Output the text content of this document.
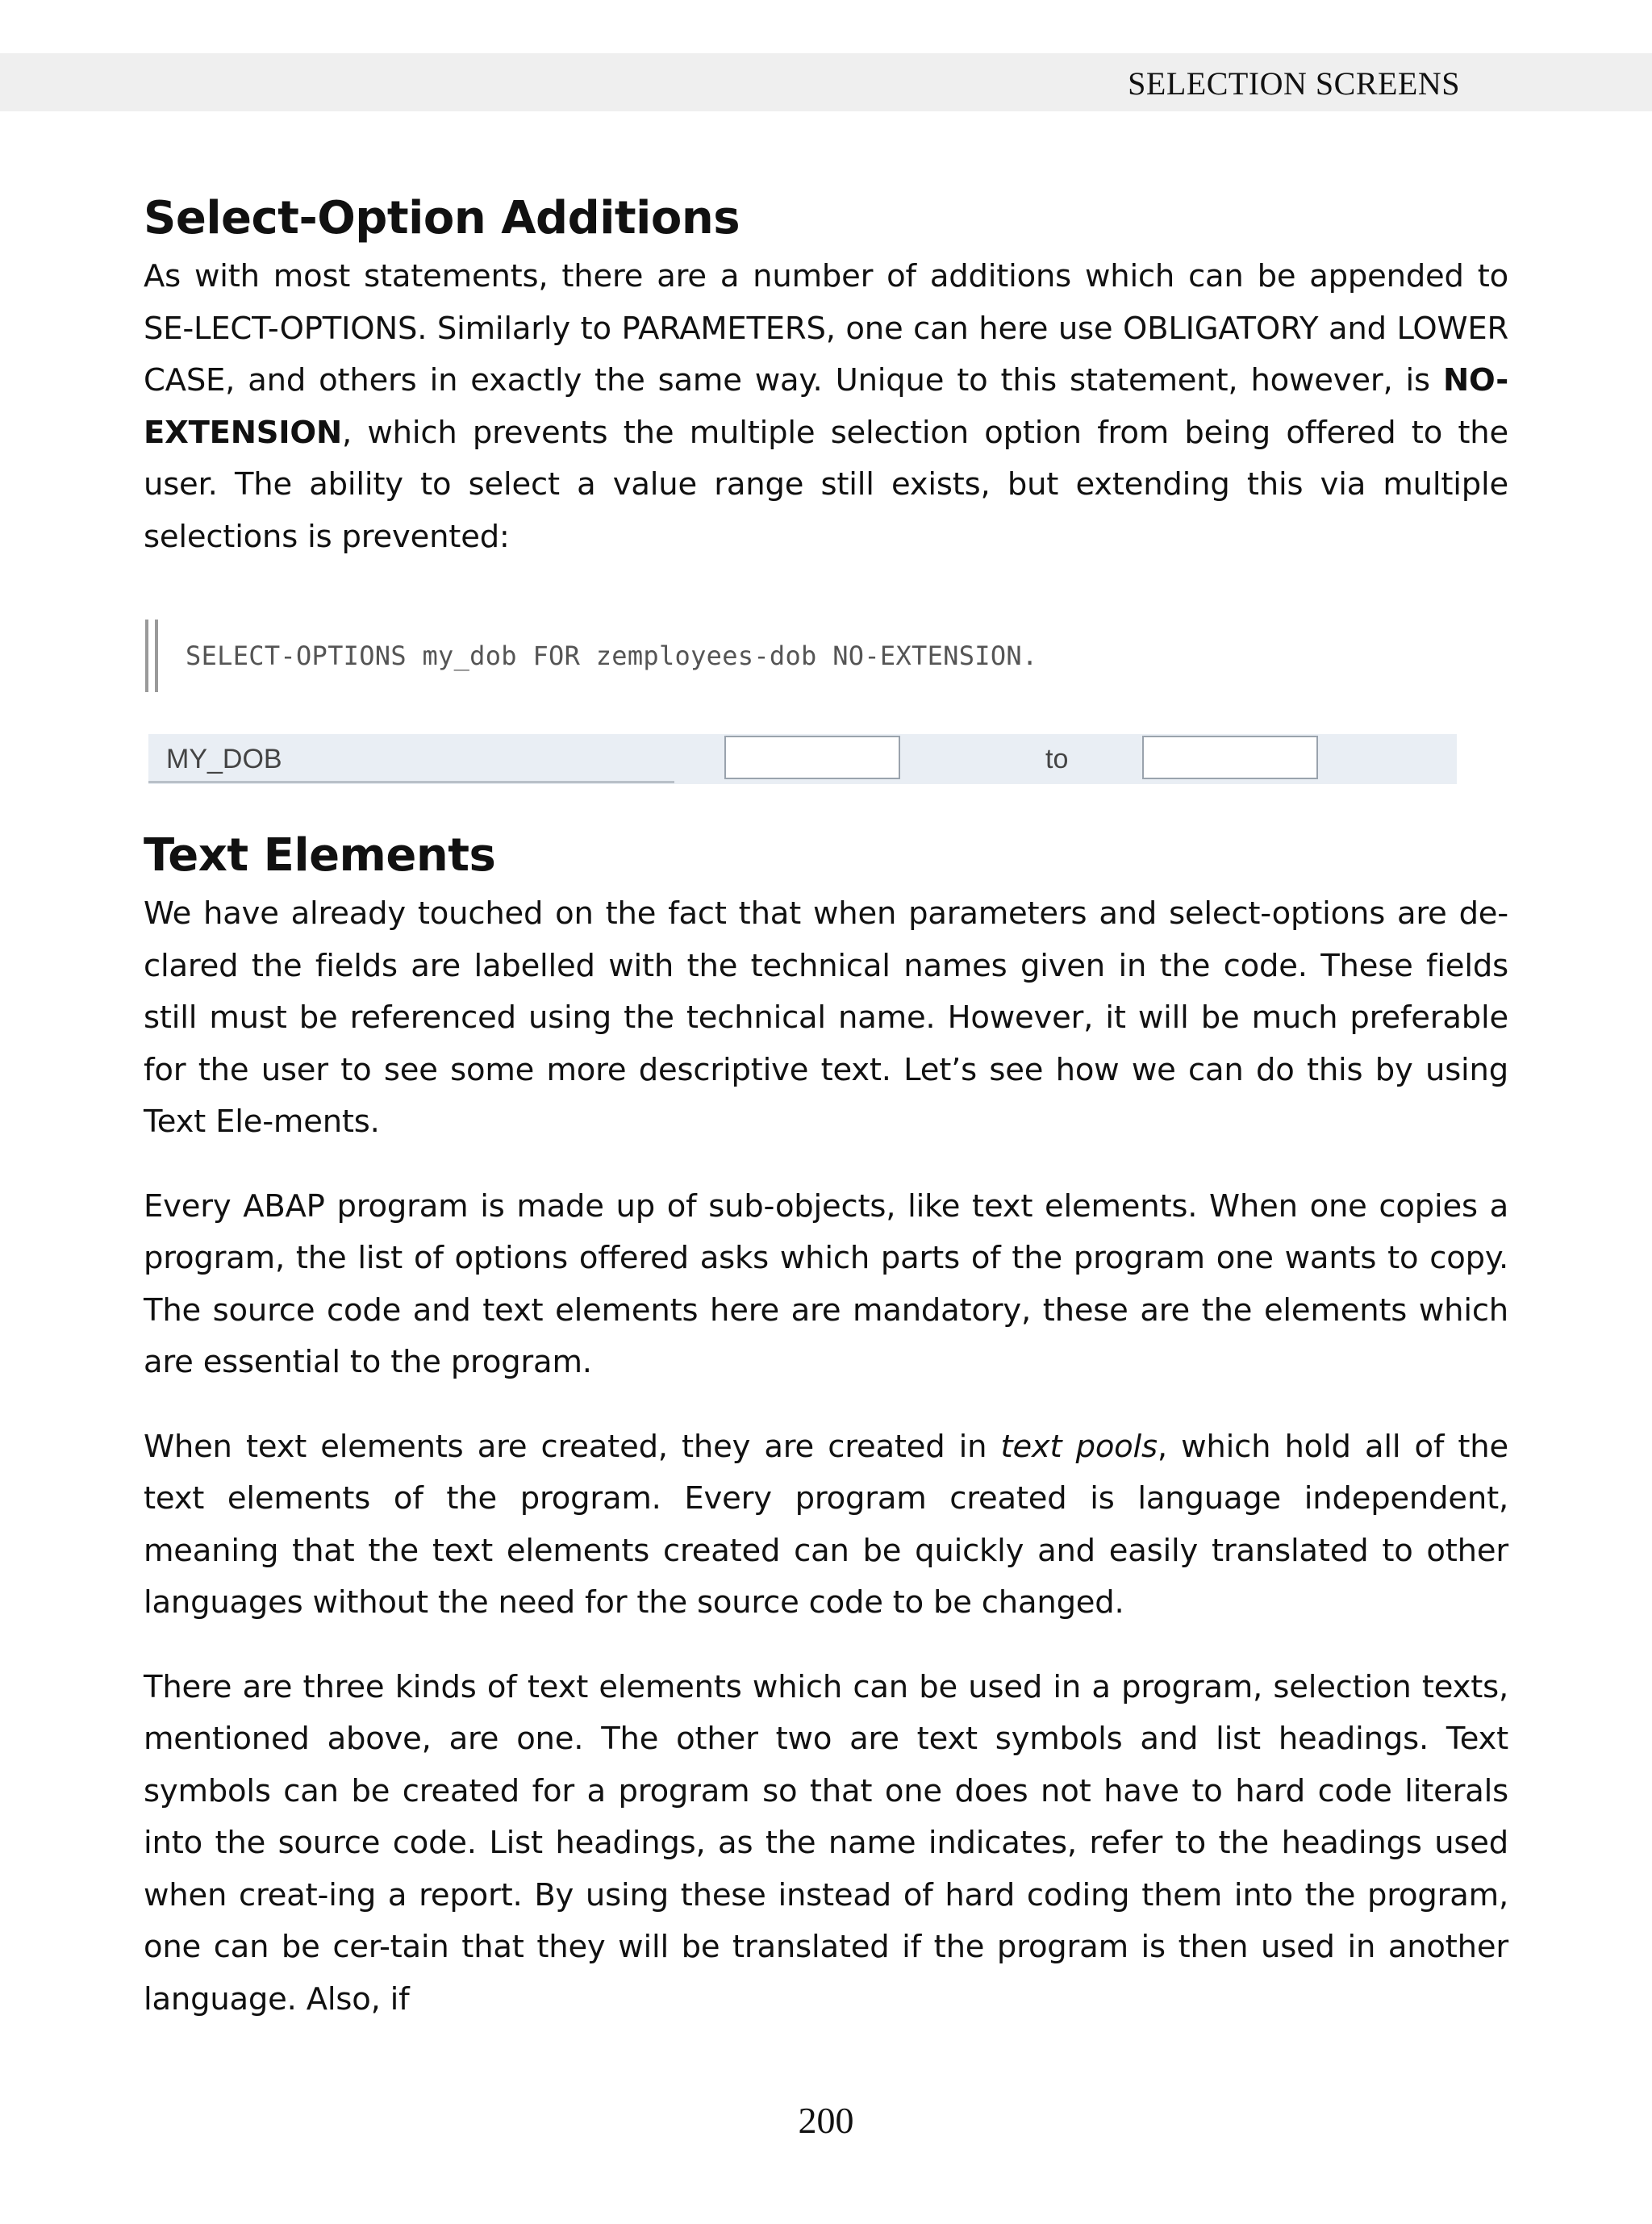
SELECTION SCREENS
Select-Option Additions

As with most statements, there are a number of additions which can be appended to SE-LECT-OPTIONS. Similarly to PARAMETERS, one can here use OBLIGATORY and LOWER CASE, and others in exactly the same way. Unique to this statement, however, is NO-EXTENSION, which prevents the multiple selection option from being offered to the user. The ability to select a value range still exists, but extending this via multiple selections is prevented:

SELECT-OPTIONS my_dob FOR zemployees-dob NO-EXTENSION.
MY_DOB	to
Text Elements

We have already touched on the fact that when parameters and select-options are de-clared the fields are labelled with the technical names given in the code. These fields still must be referenced using the technical name. However, it will be much preferable for the user to see some more descriptive text. Let’s see how we can do this by using Text Ele-ments.

Every ABAP program is made up of sub-objects, like text elements. When one copies a program, the list of options offered asks which parts of the program one wants to copy. The source code and text elements here are mandatory, these are the elements which are essential to the program.

When text elements are created, they are created in text pools, which hold all of the text elements of the program. Every program created is language independent, meaning that the text elements created can be quickly and easily translated to other languages without the need for the source code to be changed.

There are three kinds of text elements which can be used in a program, selection texts, mentioned above, are one. The other two are text symbols and list headings. Text symbols can be created for a program so that one does not have to hard code literals into the source code. List headings, as the name indicates, refer to the headings used when creat-ing a report. By using these instead of hard coding them into the program, one can be cer-tain that they will be translated if the program is then used in another language. Also, if

200
